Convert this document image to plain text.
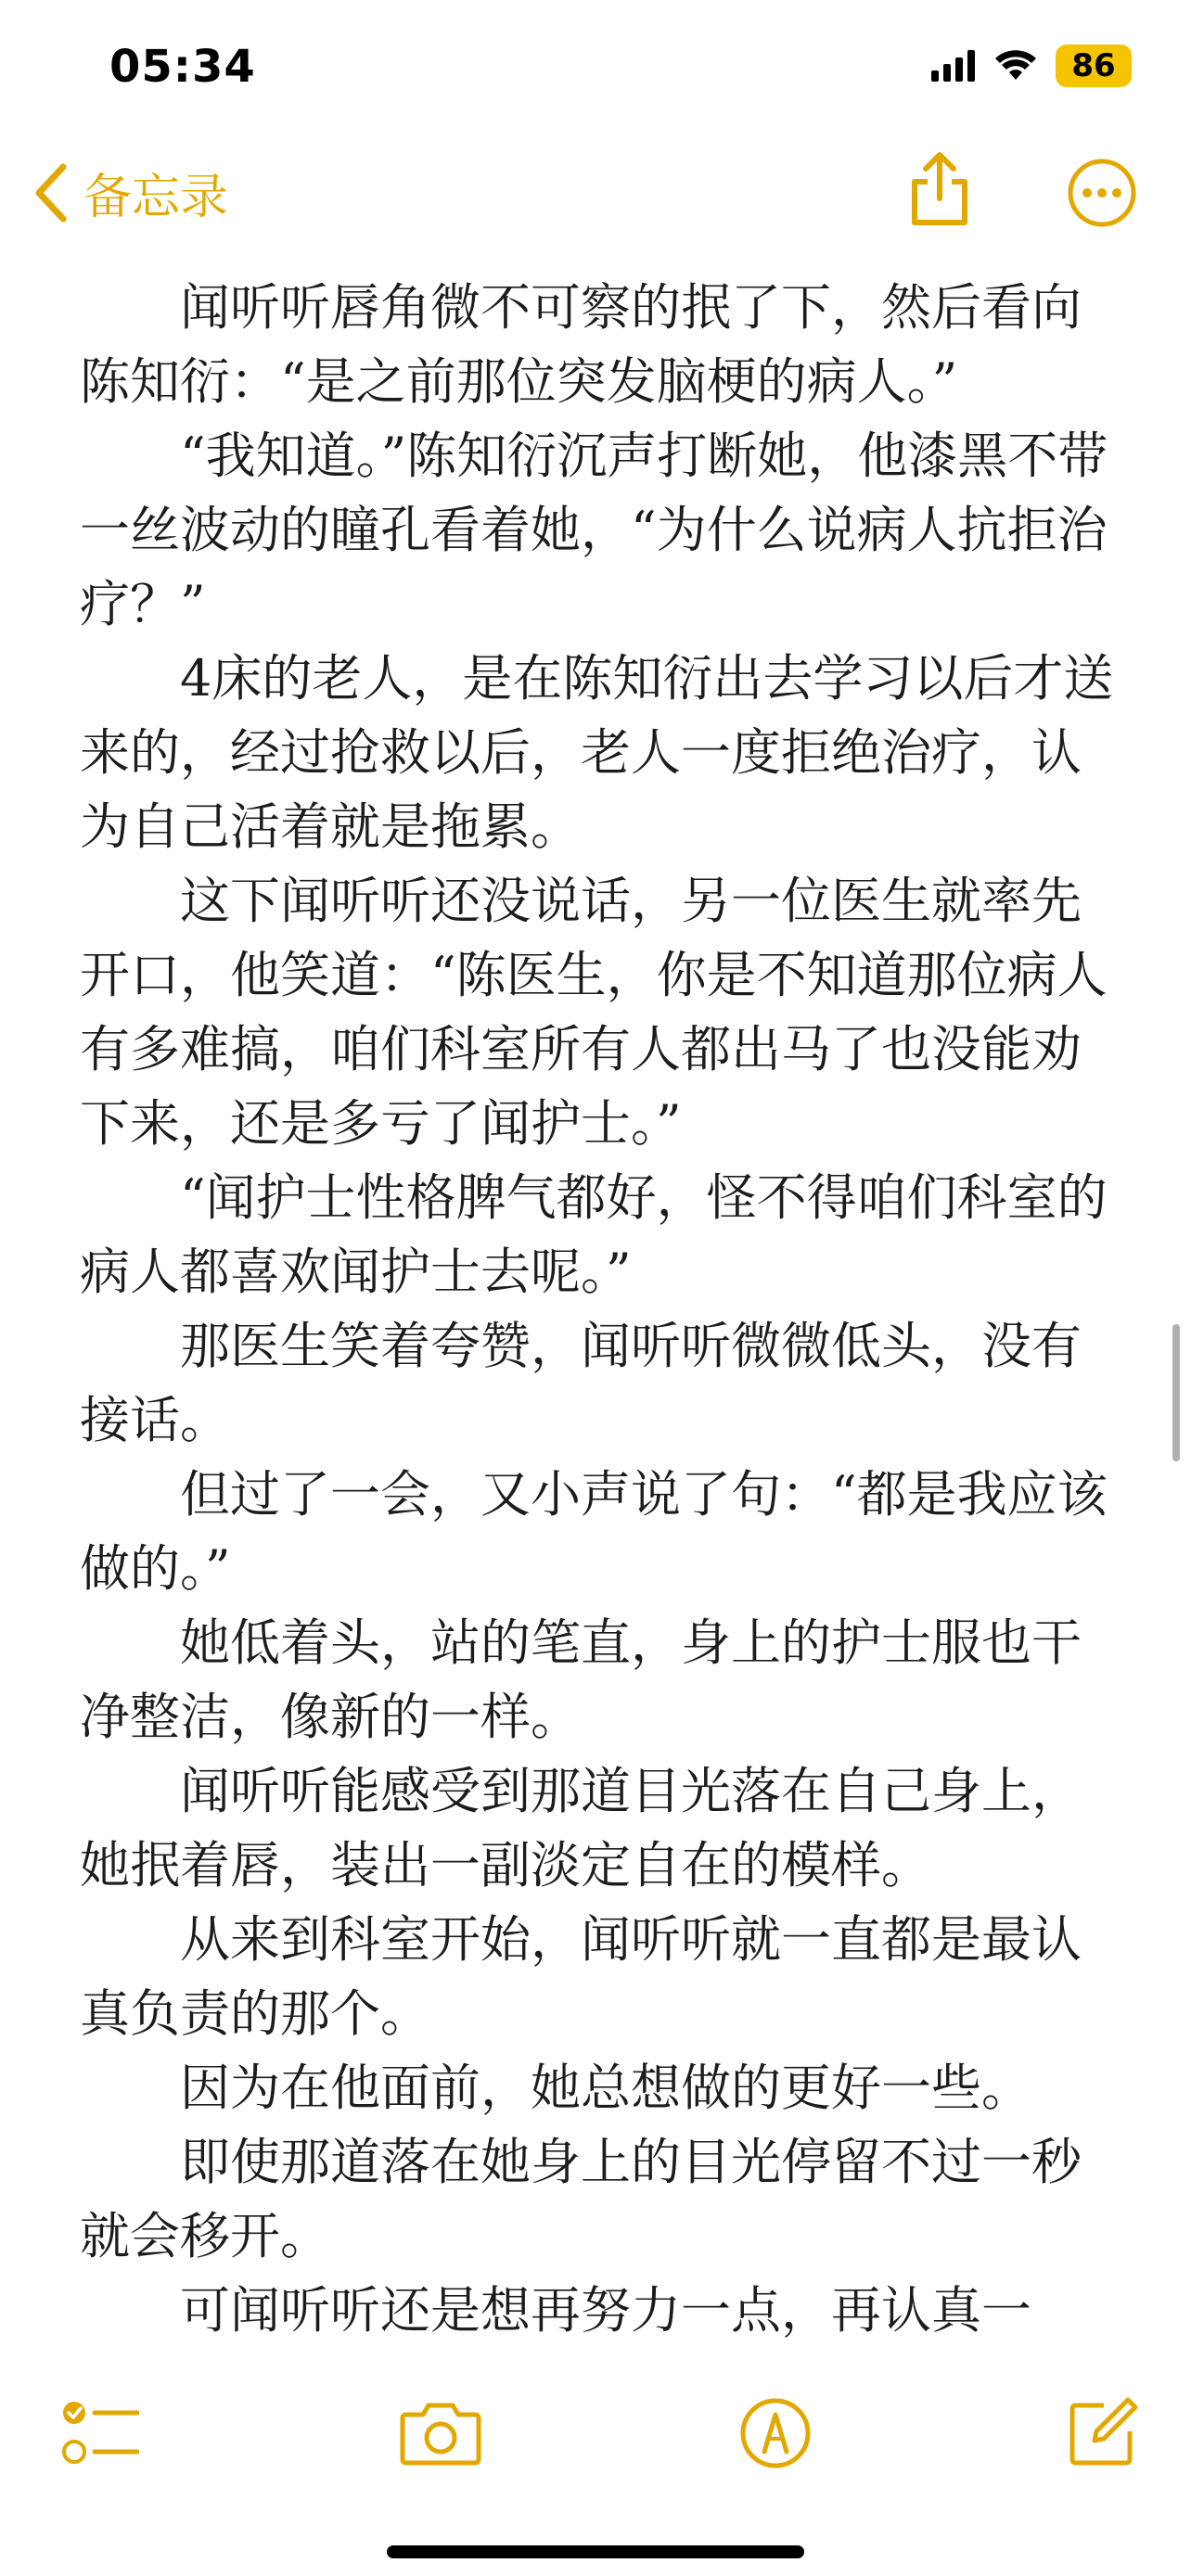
05:34	86
备忘录

闻听听唇角微不可察的抿了下，然后看向陈知衍：“是之前那位突发脑梗的病人。”

“我知道。”陈知衍沉声打断她，他漆黑不带一丝波动的瞳孔看着她，“为什么说病人抗拒治疗？”

4床的老人，是在陈知衍出去学习以后才送来的，经过抢救以后，老人一度拒绝治疗，认为自己活着就是拖累。

这下闻听听还没说话，另一位医生就率先开口，他笑道：“陈医生，你是不知道那位病人有多难搞，咱们科室所有人都出马了也没能劝下来，还是多亏了闻护士。”

“闻护士性格脾气都好，怪不得咱们科室的病人都喜欢闻护士去呢。”

那医生笑着夸赞，闻听听微微低头，没有接话。

但过了一会，又小声说了句：“都是我应该做的。”

她低着头，站的笔直，身上的护士服也干净整洁，像新的一样。

闻听听能感受到那道目光落在自己身上，她抿着唇，装出一副淡定自在的模样。

从来到科室开始，闻听听就一直都是最认真负责的那个。

因为在他面前，她总想做的更好一些。

即使那道落在她身上的目光停留不过一秒就会移开。

可闻听听还是想再努力一点，再认真一
